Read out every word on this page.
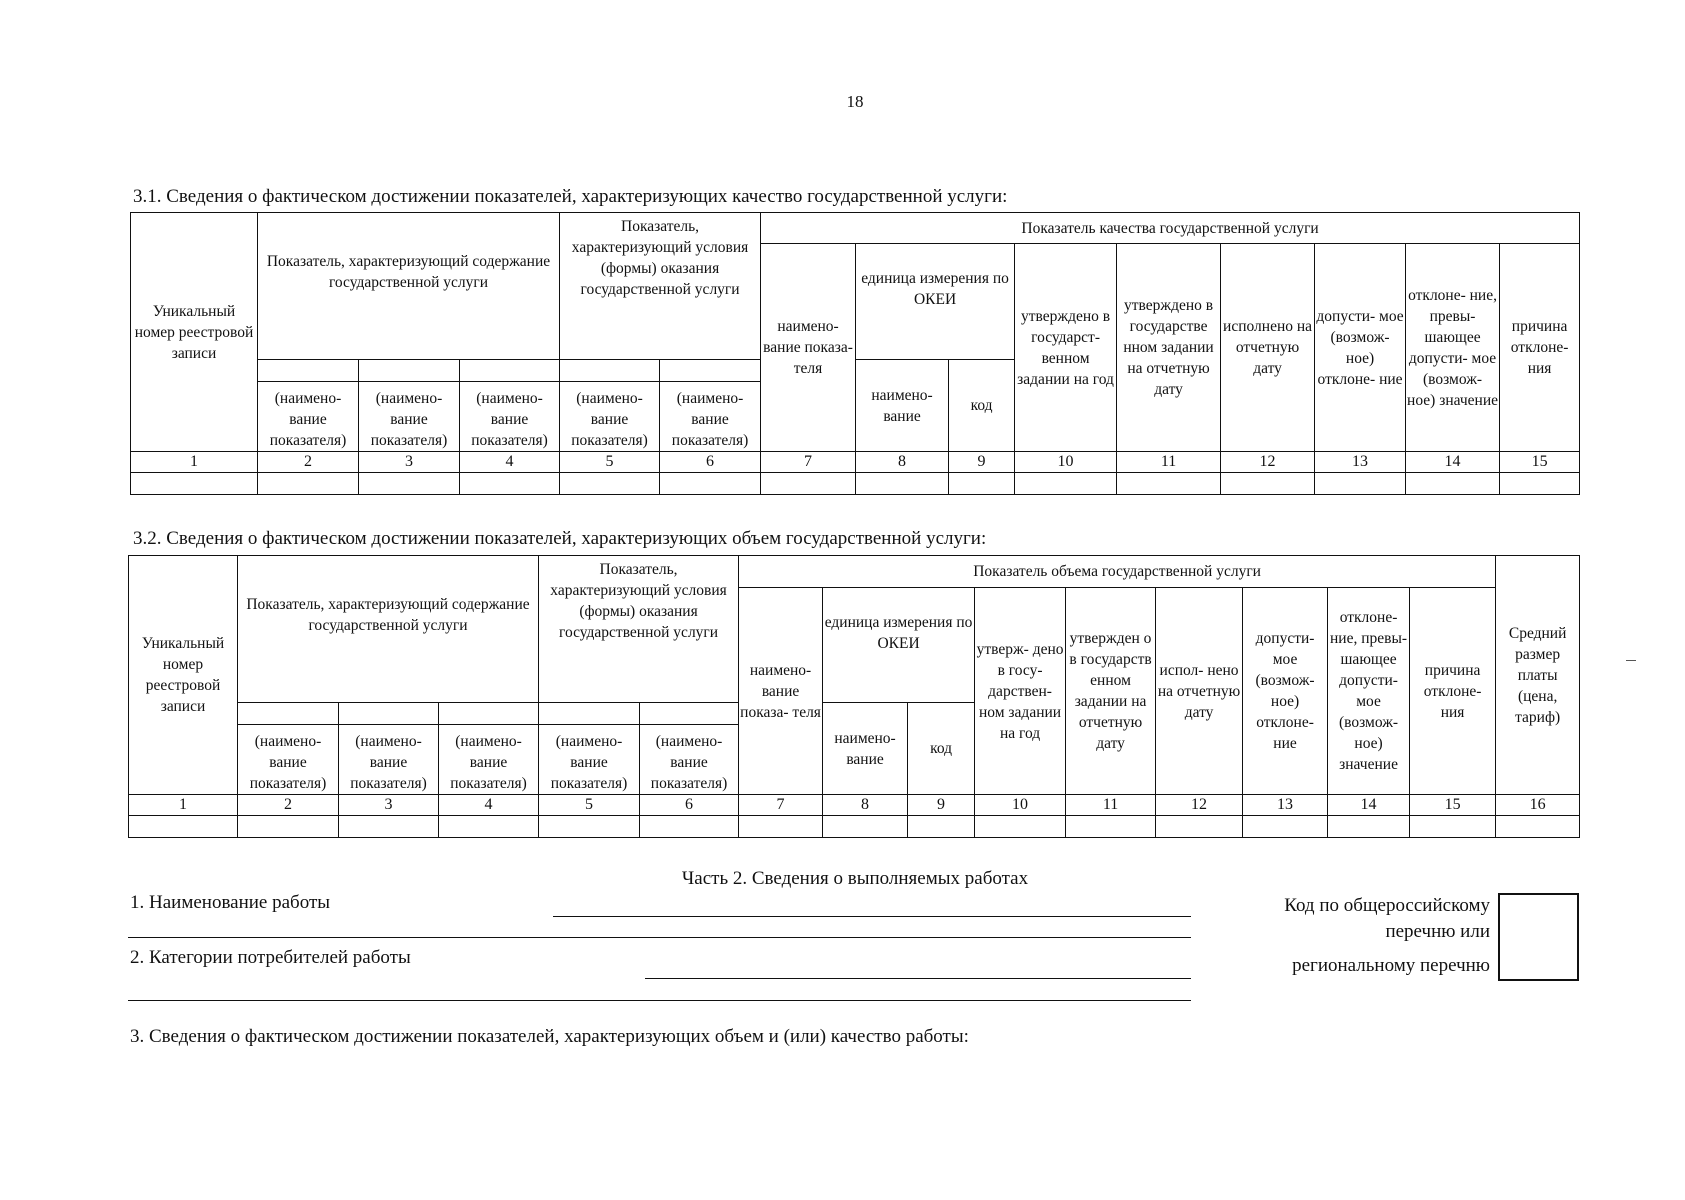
18
3.1. Сведения о фактическом достижении показателей, характеризующих качество государственной услуги:
Уникальный номер реестровой записи	Показатель, характеризующий содержание государственной услуги			Показатель, характеризующий условия (формы) оказания государственной услуги		Показатель качества государственной услуги								
						наимено- вание показа- теля	единица измерения по ОКЕИ		утверждено в государст- венном задании на год	утверждено в государстве нном задании на отчетную дату	исполнено на отчетную дату	допусти- мое (возмож- ное) отклоне- ние	отклоне- ние, превы- шающее допусти- мое (возмож- ное) значение	причина отклоне- ния
							наимено- вание	код						
	(наимено- вание показателя)	(наимено- вание показателя)	(наимено- вание показателя)	(наимено- вание показателя)	(наимено- вание показателя)									
1	2	3	4	5	6	7	8	9	10	11	12	13	14	15

3.2. Сведения о фактическом достижении показателей, характеризующих объем государственной услуги:
Уникальный номер реестровой записи	Показатель, характеризующий содержание государственной услуги			Показатель, характеризующий условия (формы) оказания государственной услуги		Показатель объема государственной услуги									Средний размер платы (цена, тариф)
						наимено- вание показа- теля	единица измерения по ОКЕИ		утверж- дено в госу- дарствен- ном задании на год	утвержден о в государств енном задании на отчетную дату	испол- нено на отчетную дату	допусти- мое (возмож- ное) отклоне- ние	отклоне- ние, превы- шающее допусти- мое (возмож- ное) значение	причина отклоне- ния	
							наимено- вание	код							
	(наимено- вание показателя)	(наимено- вание показателя)	(наимено- вание показателя)	(наимено- вание показателя)	(наимено- вание показателя)										
1	2	3	4	5	6	7	8	9	10	11	12	13	14	15	16

Часть 2. Сведения о выполняемых работах
1. Наименование работы
2. Категории потребителей работы
Код по общероссийскому
перечню или
региональному перечню
3. Сведения о фактическом достижении показателей, характеризующих объем и (или) качество работы:
